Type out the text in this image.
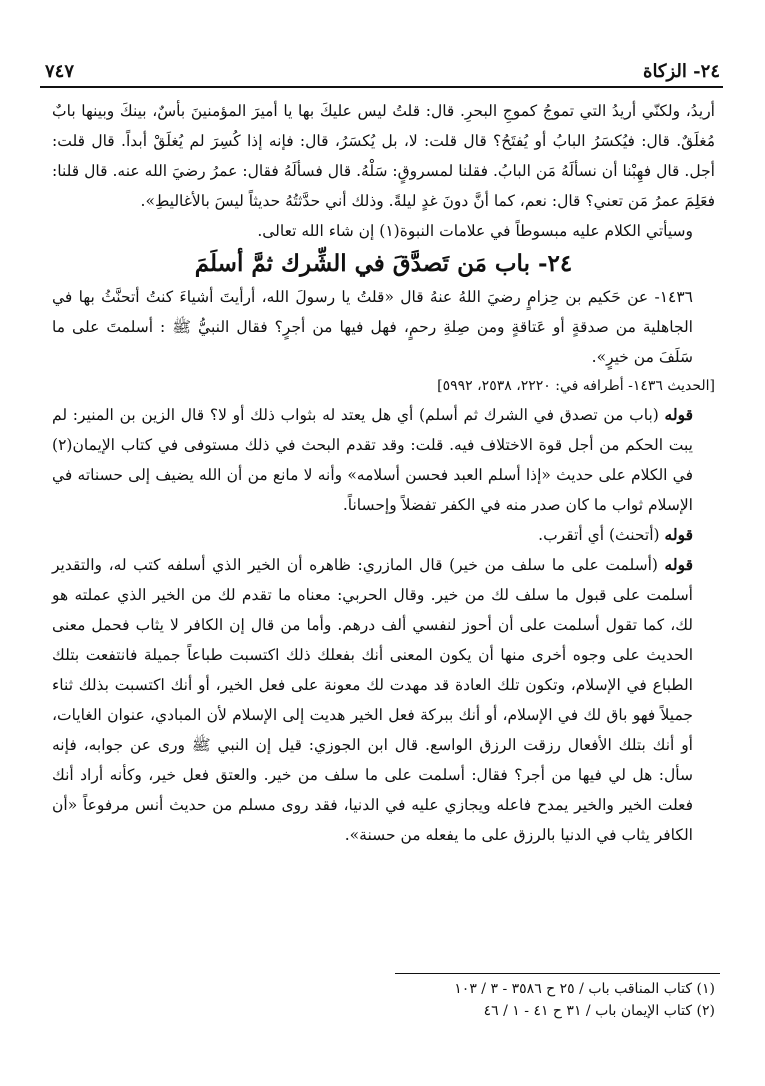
٧٤٧	٢٤- الزكاة

أريدُ، ولكنّي أريدُ التي تموجُ كموجِ البحرِ. قال: قلتُ ليس عليكَ بها يا أميرَ المؤمنينَ بأسٌ، بينكَ وبينها بابٌ مُغلَقٌ. قال: فيُكسَرُ البابُ أو يُفتَحُ؟ قال قلت: لا، بل يُكسَرُ، قال: فإنه إذا كُسِرَ لم يُغلَقْ أبداً. قال قلت: أجل. قال فهِبْنا أن نسألَهُ مَن البابُ. فقلنا لمسروقٍ: سَلْهُ. قال فسألَهُ فقال: عمرُ رضيَ الله عنه. قال قلنا: فعَلِمَ عمرُ مَن تعني؟ قال: نعم، كما أنَّ دونَ غدٍ ليلةً. وذلك أني حدَّثتُهُ حديثاً ليسَ بالأغاليطِ».

وسيأتي الكلام عليه مبسوطاً في علامات النبوة(١) إن شاء الله تعالى.

٢٤- باب مَن تَصدَّقَ في الشِّرك ثمَّ أسلَمَ

١٤٣٦- عن حَكيم بن حِزامٍ رضيَ اللهُ عنهُ قال «قلتُ يا رسولَ الله، أرأيتَ أشياءَ كنتُ أتحنَّثُ بها في الجاهلية من صدقةٍ أو عَتاقةٍ ومن صِلةِ رحمٍ، فهل فيها من أجرٍ؟ فقال النبيُّ ﷺ : أسلمتَ على ما سَلَفَ من خيرٍ».

[الحديث ١٤٣٦- أطرافه في: ٢٢٢٠، ٢٥٣٨، ٥٩٩٢]

قوله (باب من تصدق في الشرك ثم أسلم) أي هل يعتد له بثواب ذلك أو لا؟ قال الزين بن المنير: لم يبت الحكم من أجل قوة الاختلاف فيه. قلت: وقد تقدم البحث في ذلك مستوفى في كتاب الإيمان(٢) في الكلام على حديث «إذا أسلم العبد فحسن أسلامه» وأنه لا مانع من أن الله يضيف إلى حسناته في الإسلام ثواب ما كان صدر منه في الكفر تفضلاً وإحساناً.

قوله (أتحنث) أي أتقرب.

قوله (أسلمت على ما سلف من خير) قال المازري: ظاهره أن الخير الذي أسلفه كتب له، والتقدير أسلمت على قبول ما سلف لك من خير. وقال الحربي: معناه ما تقدم لك من الخير الذي عملته هو لك، كما تقول أسلمت على أن أحوز لنفسي ألف درهم. وأما من قال إن الكافر لا يثاب فحمل معنى الحديث على وجوه أخرى منها أن يكون المعنى أنك بفعلك ذلك اكتسبت طباعاً جميلة فانتفعت بتلك الطباع في الإسلام، وتكون تلك العادة قد مهدت لك معونة على فعل الخير، أو أنك اكتسبت بذلك ثناء جميلاً فهو باق لك في الإسلام، أو أنك ببركة فعل الخير هديت إلى الإسلام لأن المبادي، عنوان الغايات، أو أنك بتلك الأفعال رزقت الرزق الواسع. قال ابن الجوزي: قيل إن النبي ﷺ ورى عن جوابه، فإنه سأل: هل لي فيها من أجر؟ فقال: أسلمت على ما سلف من خير. والعتق فعل خير، وكأنه أراد أنك فعلت الخير والخير يمدح فاعله ويجازي عليه في الدنيا، فقد روى مسلم من حديث أنس مرفوعاً «أن الكافر يثاب في الدنيا بالرزق على ما يفعله من حسنة».

(١) كتاب المناقب باب / ٢٥ ح ٣٥٨٦ - ٣ / ١٠٣
(٢) كتاب الإيمان باب / ٣١ ح ٤١ - ١ / ٤٦
